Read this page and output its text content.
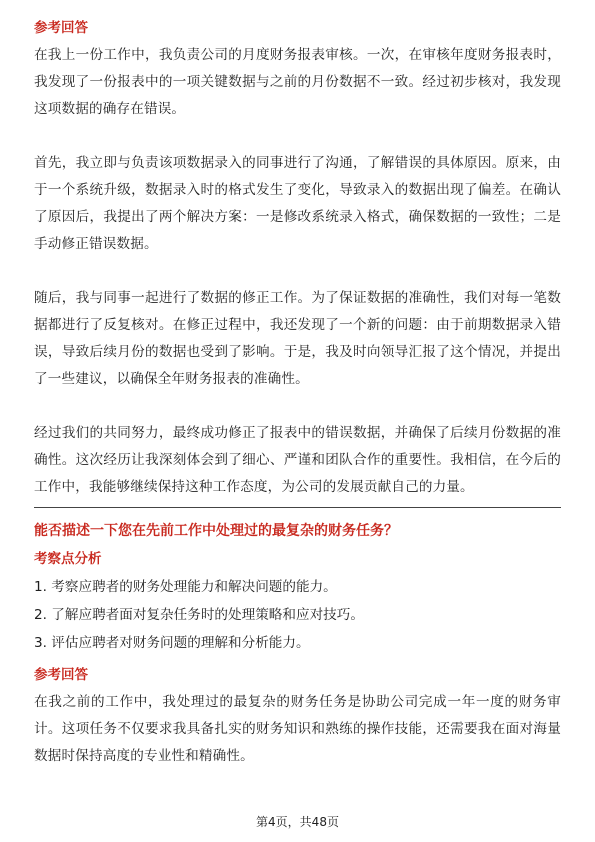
参考回答

在我上一份工作中，我负责公司的月度财务报表审核。一次，在审核年度财务报表时，我发现了一份报表中的一项关键数据与之前的月份数据不一致。经过初步核对，我发现这项数据的确存在错误。

首先，我立即与负责该项数据录入的同事进行了沟通，了解错误的具体原因。原来，由于一个系统升级，数据录入时的格式发生了变化，导致录入的数据出现了偏差。在确认了原因后，我提出了两个解决方案：一是修改系统录入格式，确保数据的一致性；二是手动修正错误数据。

随后，我与同事一起进行了数据的修正工作。为了保证数据的准确性，我们对每一笔数据都进行了反复核对。在修正过程中，我还发现了一个新的问题：由于前期数据录入错误，导致后续月份的数据也受到了影响。于是，我及时向领导汇报了这个情况，并提出了一些建议，以确保全年财务报表的准确性。

经过我们的共同努力，最终成功修正了报表中的错误数据，并确保了后续月份数据的准确性。这次经历让我深刻体会到了细心、严谨和团队合作的重要性。我相信，在今后的工作中，我能够继续保持这种工作态度，为公司的发展贡献自己的力量。

能否描述一下您在先前工作中处理过的最复杂的财务任务？
考察点分析
1. 考察应聘者的财务处理能力和解决问题的能力。
2. 了解应聘者面对复杂任务时的处理策略和应对技巧。
3. 评估应聘者对财务问题的理解和分析能力。
参考回答

在我之前的工作中，我处理过的最复杂的财务任务是协助公司完成一年一度的财务审计。这项任务不仅要求我具备扎实的财务知识和熟练的操作技能，还需要我在面对海量数据时保持高度的专业性和精确性。

第4页，共48页
